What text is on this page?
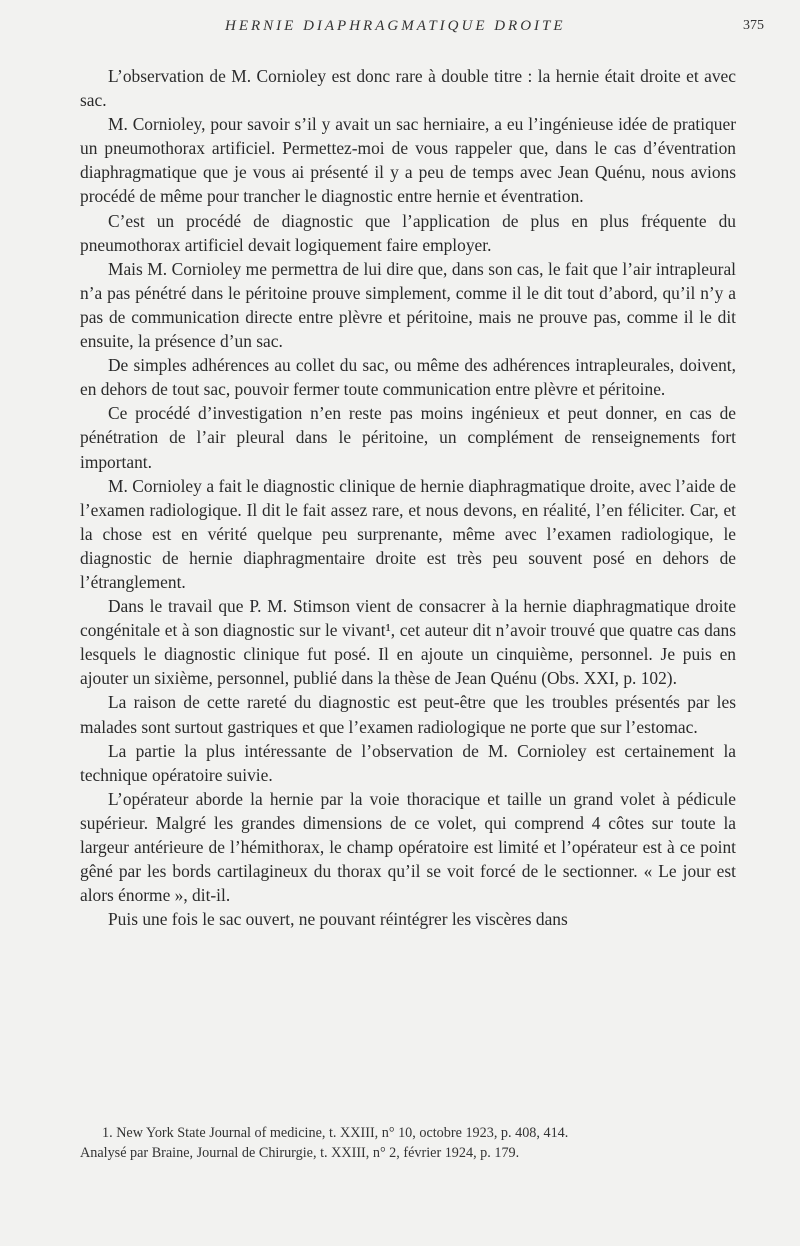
HERNIE DIAPHRAGMATIQUE DROITE	375

L’observation de M. Cornioley est donc rare à double titre : la hernie était droite et avec sac.

M. Cornioley, pour savoir s’il y avait un sac herniaire, a eu l’ingénieuse idée de pratiquer un pneumothorax artificiel. Permettez-moi de vous rappeler que, dans le cas d’éventration diaphragmatique que je vous ai présenté il y a peu de temps avec Jean Quénu, nous avions procédé de même pour trancher le diagnostic entre hernie et éventration.

C’est un procédé de diagnostic que l’application de plus en plus fréquente du pneumothorax artificiel devait logiquement faire employer.

Mais M. Cornioley me permettra de lui dire que, dans son cas, le fait que l’air intrapleural n’a pas pénétré dans le péritoine prouve simplement, comme il le dit tout d’abord, qu’il n’y a pas de communication directe entre plèvre et péritoine, mais ne prouve pas, comme il le dit ensuite, la présence d’un sac.

De simples adhérences au collet du sac, ou même des adhérences intrapleurales, doivent, en dehors de tout sac, pouvoir fermer toute communication entre plèvre et péritoine.

Ce procédé d’investigation n’en reste pas moins ingénieux et peut donner, en cas de pénétration de l’air pleural dans le péritoine, un complément de renseignements fort important.

M. Cornioley a fait le diagnostic clinique de hernie diaphragmatique droite, avec l’aide de l’examen radiologique. Il dit le fait assez rare, et nous devons, en réalité, l’en féliciter. Car, et la chose est en vérité quelque peu surprenante, même avec l’examen radiologique, le diagnostic de hernie diaphragmentaire droite est très peu souvent posé en dehors de l’étranglement.

Dans le travail que P. M. Stimson vient de consacrer à la hernie diaphragmatique droite congénitale et à son diagnostic sur le vivant¹, cet auteur dit n’avoir trouvé que quatre cas dans lesquels le diagnostic clinique fut posé. Il en ajoute un cinquième, personnel. Je puis en ajouter un sixième, personnel, publié dans la thèse de Jean Quénu (Obs. XXI, p. 102).

La raison de cette rareté du diagnostic est peut-être que les troubles présentés par les malades sont surtout gastriques et que l’examen radiologique ne porte que sur l’estomac.

La partie la plus intéressante de l’observation de M. Cornioley est certainement la technique opératoire suivie.

L’opérateur aborde la hernie par la voie thoracique et taille un grand volet à pédicule supérieur. Malgré les grandes dimensions de ce volet, qui comprend 4 côtes sur toute la largeur antérieure de l’hémithorax, le champ opératoire est limité et l’opérateur est à ce point gêné par les bords cartilagineux du thorax qu’il se voit forcé de le sectionner. « Le jour est alors énorme », dit-il.

Puis une fois le sac ouvert, ne pouvant réintégrer les viscères dans

1. New York State Journal of medicine, t. XXIII, n° 10, octobre 1923, p. 408, 414.

Analysé par Braine, Journal de Chirurgie, t. XXIII, n° 2, février 1924, p. 179.
